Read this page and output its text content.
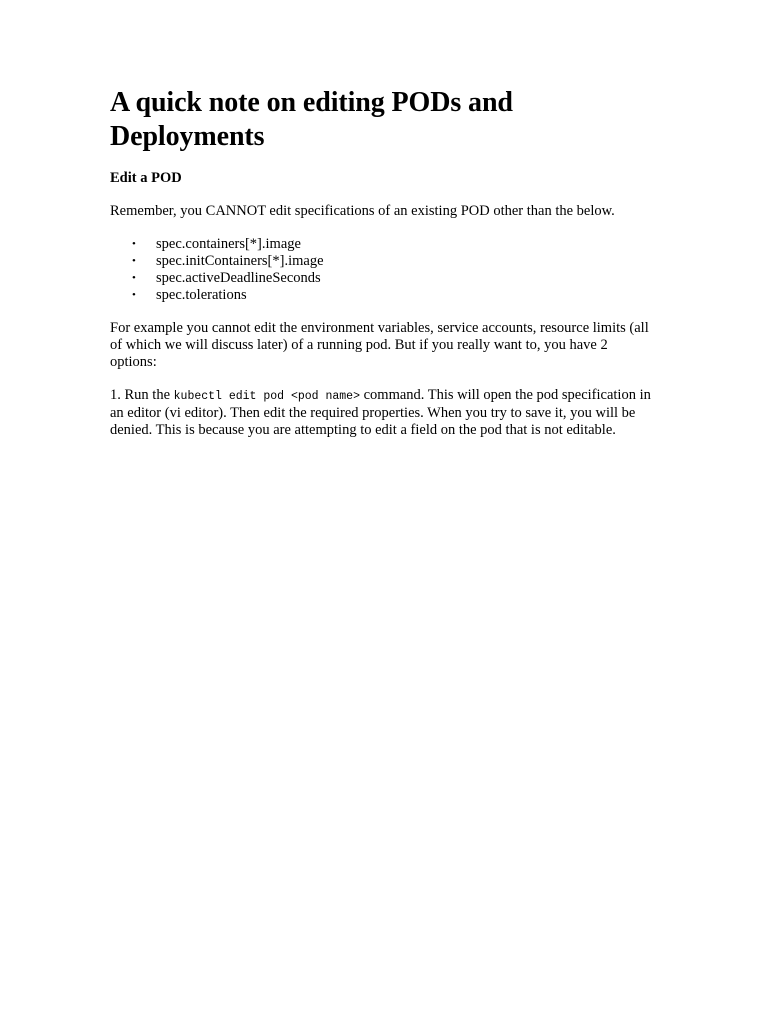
A quick note on editing PODs and Deployments
Edit a POD

Remember, you CANNOT edit specifications of an existing POD other than the below.

• spec.containers[*].image
• spec.initContainers[*].image
• spec.activeDeadlineSeconds
• spec.tolerations

For example you cannot edit the environment variables, service accounts, resource limits (all of which we will discuss later) of a running pod. But if you really want to, you have 2 options:

1. Run the kubectl edit pod <pod name> command. This will open the pod specification in an editor (vi editor). Then edit the required properties. When you try to save it, you will be denied. This is because you are attempting to edit a field on the pod that is not editable.
